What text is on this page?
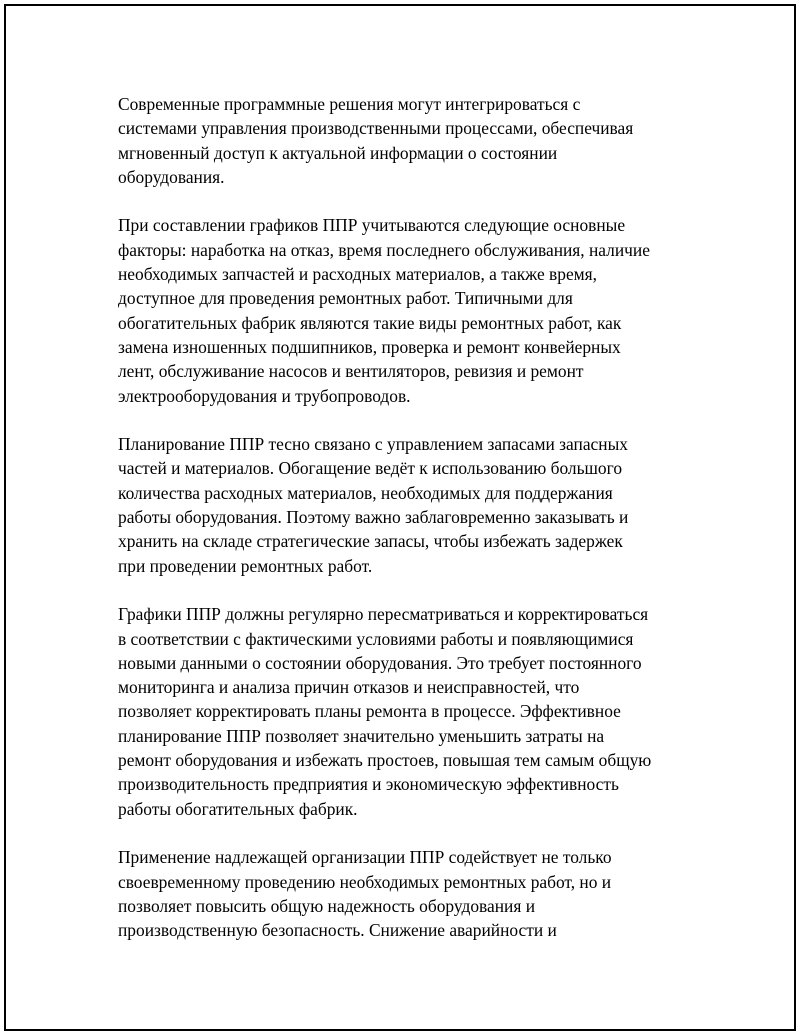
Современные программные решения могут интегрироваться с
системами управления производственными процессами, обеспечивая
мгновенный доступ к актуальной информации о состоянии
оборудования.

При составлении графиков ППР учитываются следующие основные
факторы: наработка на отказ, время последнего обслуживания, наличие
необходимых запчастей и расходных материалов, а также время,
доступное для проведения ремонтных работ. Типичными для
обогатительных фабрик являются такие виды ремонтных работ, как
замена изношенных подшипников, проверка и ремонт конвейерных
лент, обслуживание насосов и вентиляторов, ревизия и ремонт
электрооборудования и трубопроводов.

Планирование ППР тесно связано с управлением запасами запасных
частей и материалов. Обогащение ведёт к использованию большого
количества расходных материалов, необходимых для поддержания
работы оборудования. Поэтому важно заблаговременно заказывать и
хранить на складе стратегические запасы, чтобы избежать задержек
при проведении ремонтных работ.

Графики ППР должны регулярно пересматриваться и корректироваться
в соответствии с фактическими условиями работы и появляющимися
новыми данными о состоянии оборудования. Это требует постоянного
мониторинга и анализа причин отказов и неисправностей, что
позволяет корректировать планы ремонта в процессе. Эффективное
планирование ППР позволяет значительно уменьшить затраты на
ремонт оборудования и избежать простоев, повышая тем самым общую
производительность предприятия и экономическую эффективность
работы обогатительных фабрик.

Применение надлежащей организации ППР содействует не только
своевременному проведению необходимых ремонтных работ, но и
позволяет повысить общую надежность оборудования и
производственную безопасность. Снижение аварийности и
